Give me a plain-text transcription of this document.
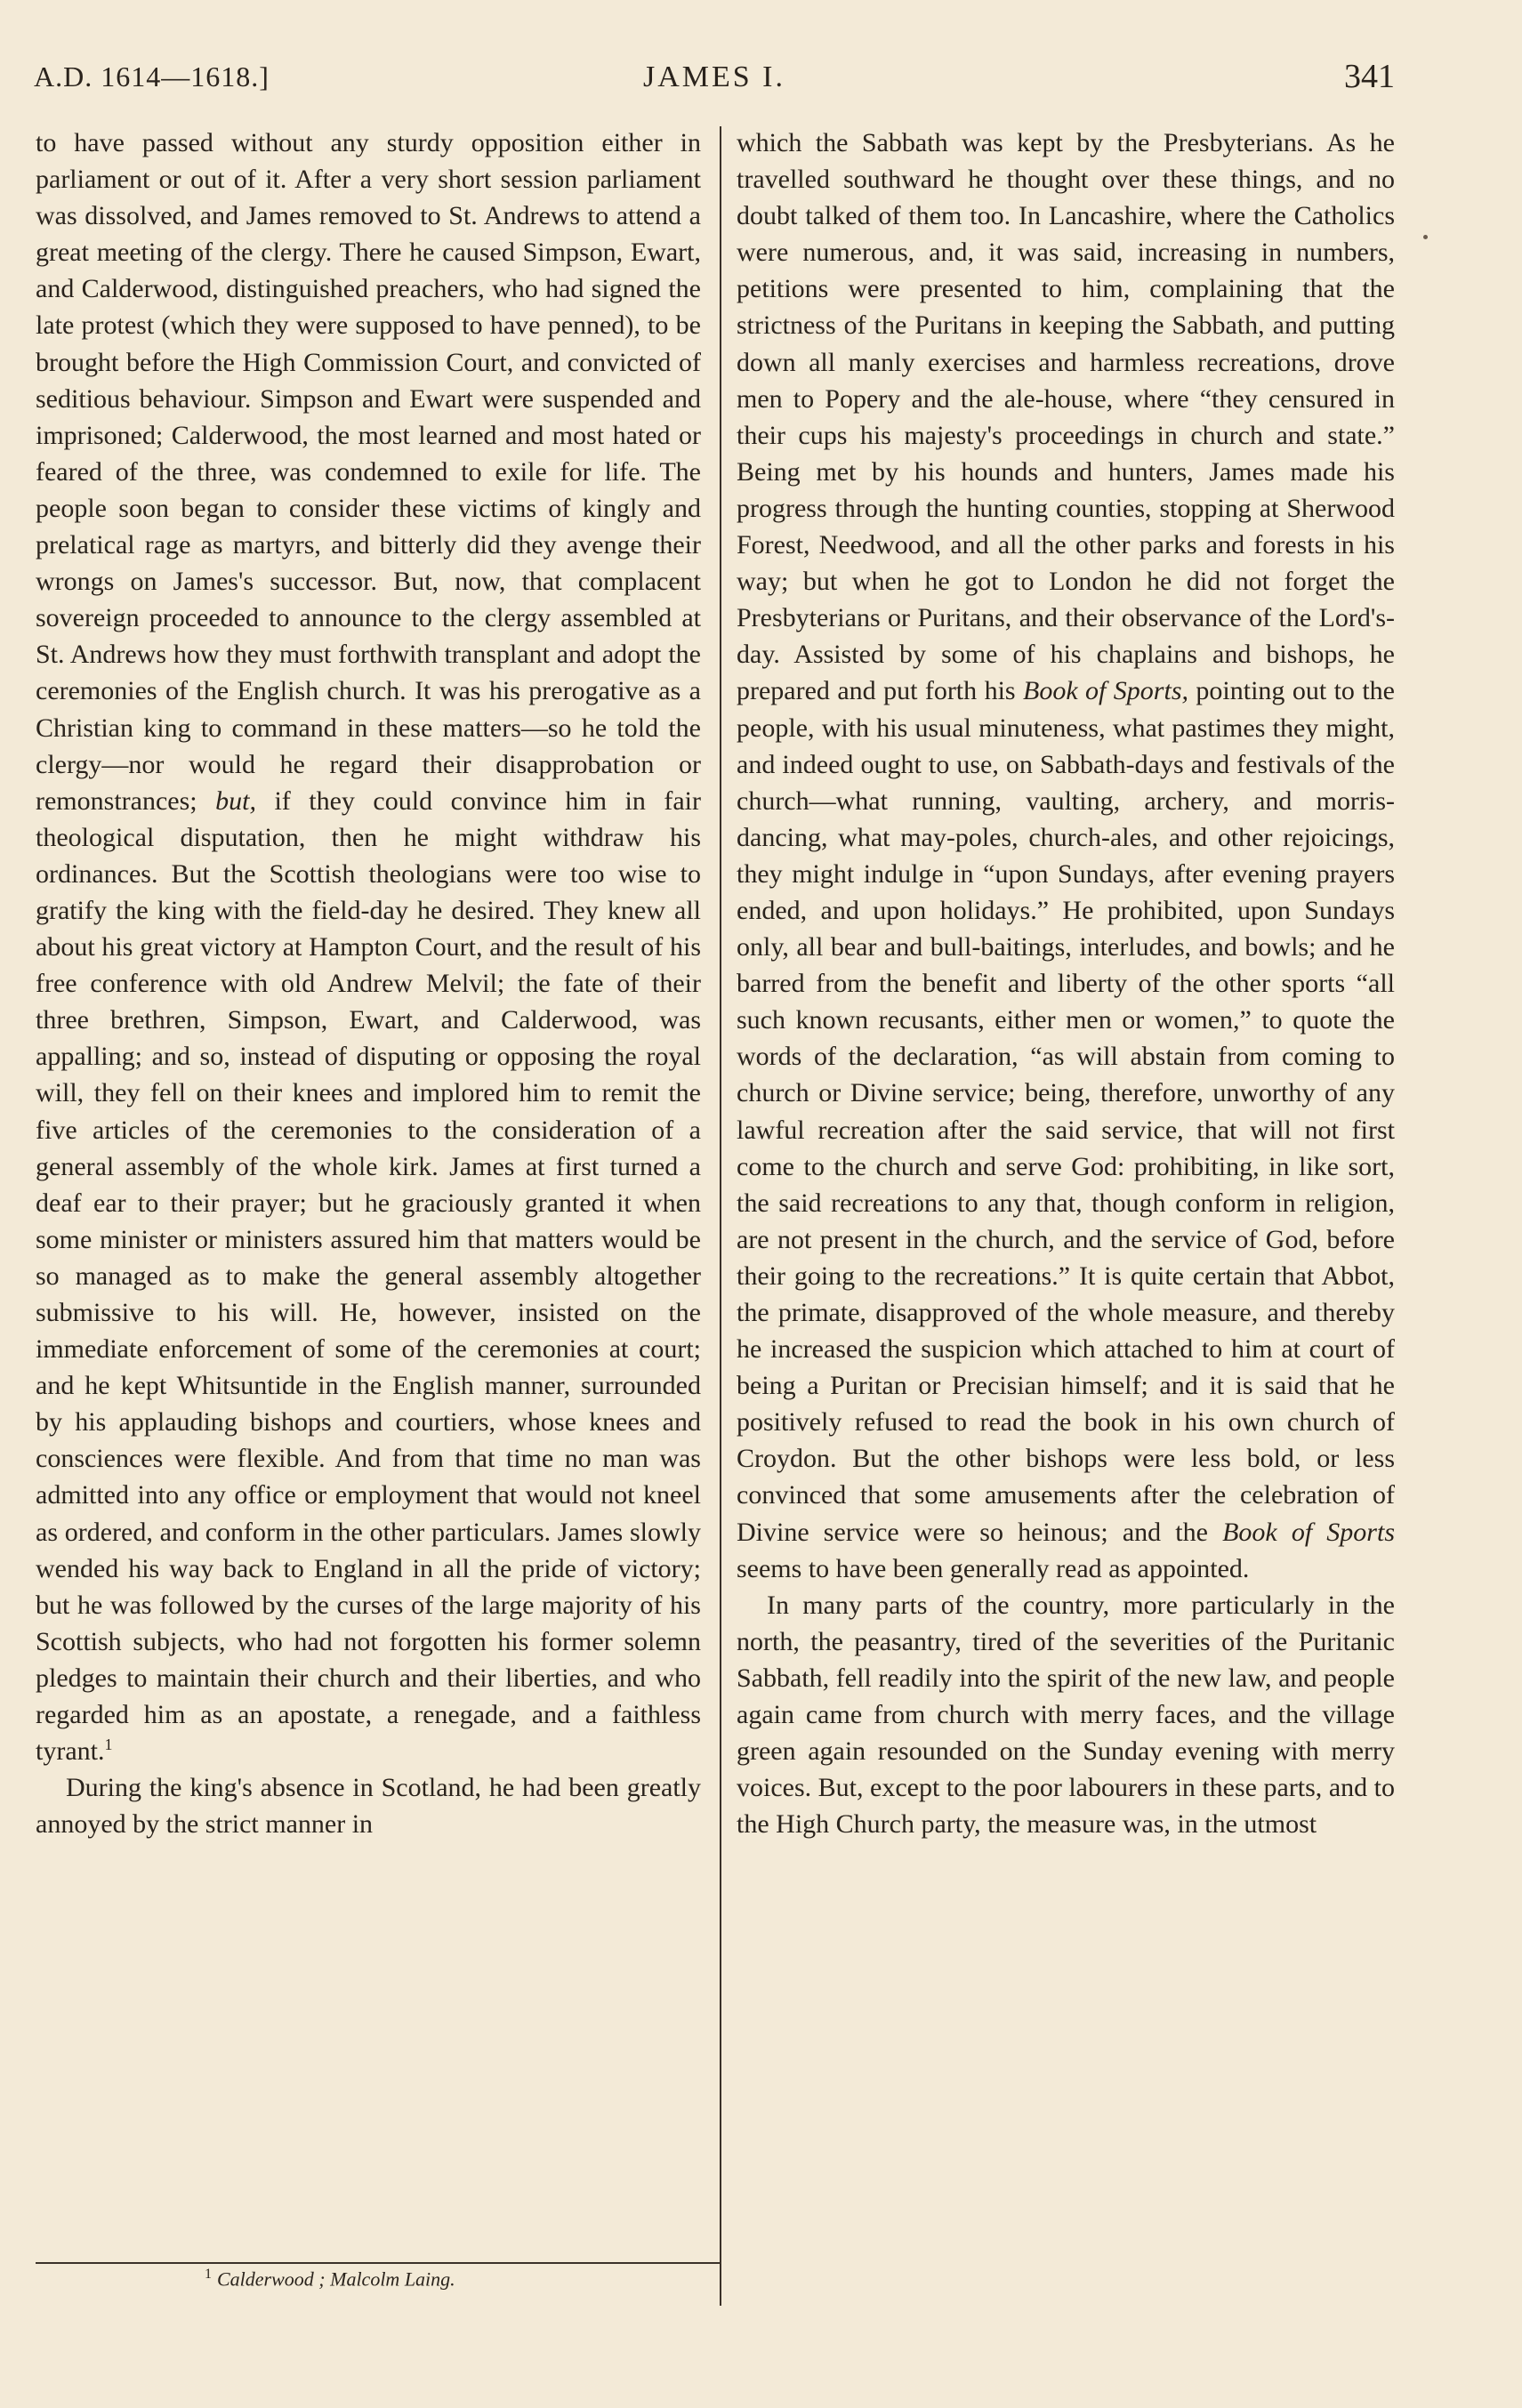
A.D. 1614—1618.]	JAMES I.	341

to have passed without any sturdy opposition either in parliament or out of it. After a very short session parliament was dissolved, and James removed to St. Andrews to attend a great meeting of the clergy. There he caused Simpson, Ewart, and Calderwood, distinguished preachers, who had signed the late protest (which they were supposed to have penned), to be brought before the High Commission Court, and convicted of seditious behaviour. Simpson and Ewart were suspended and imprisoned; Calderwood, the most learned and most hated or feared of the three, was condemned to exile for life. The people soon began to consider these victims of kingly and prelatical rage as martyrs, and bitterly did they avenge their wrongs on James's successor. But, now, that complacent sovereign proceeded to announce to the clergy assembled at St. Andrews how they must forthwith transplant and adopt the ceremonies of the English church. It was his prerogative as a Christian king to command in these matters—so he told the clergy—nor would he regard their disapprobation or remonstrances; but, if they could convince him in fair theological disputation, then he might withdraw his ordinances. But the Scottish theologians were too wise to gratify the king with the field-day he desired. They knew all about his great victory at Hampton Court, and the result of his free conference with old Andrew Melvil; the fate of their three brethren, Simpson, Ewart, and Calderwood, was appalling; and so, instead of disputing or opposing the royal will, they fell on their knees and implored him to remit the five articles of the ceremonies to the consideration of a general assembly of the whole kirk. James at first turned a deaf ear to their prayer; but he graciously granted it when some minister or ministers assured him that matters would be so managed as to make the general assembly altogether submissive to his will. He, however, insisted on the immediate enforcement of some of the ceremonies at court; and he kept Whitsuntide in the English manner, surrounded by his applauding bishops and courtiers, whose knees and consciences were flexible. And from that time no man was admitted into any office or employment that would not kneel as ordered, and conform in the other particulars. James slowly wended his way back to England in all the pride of victory; but he was followed by the curses of the large majority of his Scottish subjects, who had not forgotten his former solemn pledges to maintain their church and their liberties, and who regarded him as an apostate, a renegade, and a faithless tyrant.$^1$

During the king's absence in Scotland, he had been greatly annoyed by the strict manner in

which the Sabbath was kept by the Presbyterians. As he travelled southward he thought over these things, and no doubt talked of them too. In Lancashire, where the Catholics were numerous, and, it was said, increasing in numbers, petitions were presented to him, complaining that the strictness of the Puritans in keeping the Sabbath, and putting down all manly exercises and harmless recreations, drove men to Popery and the ale-house, where “they censured in their cups his majesty's proceedings in church and state.” Being met by his hounds and hunters, James made his progress through the hunting counties, stopping at Sherwood Forest, Needwood, and all the other parks and forests in his way; but when he got to London he did not forget the Presbyterians or Puritans, and their observance of the Lord's-day. Assisted by some of his chaplains and bishops, he prepared and put forth his Book of Sports, pointing out to the people, with his usual minuteness, what pastimes they might, and indeed ought to use, on Sabbath-days and festivals of the church—what running, vaulting, archery, and morris-dancing, what may-poles, church-ales, and other rejoicings, they might indulge in “upon Sundays, after evening prayers ended, and upon holidays.” He prohibited, upon Sundays only, all bear and bull-baitings, interludes, and bowls; and he barred from the benefit and liberty of the other sports “all such known recusants, either men or women,” to quote the words of the declaration, “as will abstain from coming to church or Divine service; being, therefore, unworthy of any lawful recreation after the said service, that will not first come to the church and serve God: prohibiting, in like sort, the said recreations to any that, though conform in religion, are not present in the church, and the service of God, before their going to the recreations.” It is quite certain that Abbot, the primate, disapproved of the whole measure, and thereby he increased the suspicion which attached to him at court of being a Puritan or Precisian himself; and it is said that he positively refused to read the book in his own church of Croydon. But the other bishops were less bold, or less convinced that some amusements after the celebration of Divine service were so heinous; and the Book of Sports seems to have been generally read as appointed.

In many parts of the country, more particularly in the north, the peasantry, tired of the severities of the Puritanic Sabbath, fell readily into the spirit of the new law, and people again came from church with merry faces, and the village green again resounded on the Sunday evening with merry voices. But, except to the poor labourers in these parts, and to the High Church party, the measure was, in the utmost

$^1$ Calderwood ; Malcolm Laing.
